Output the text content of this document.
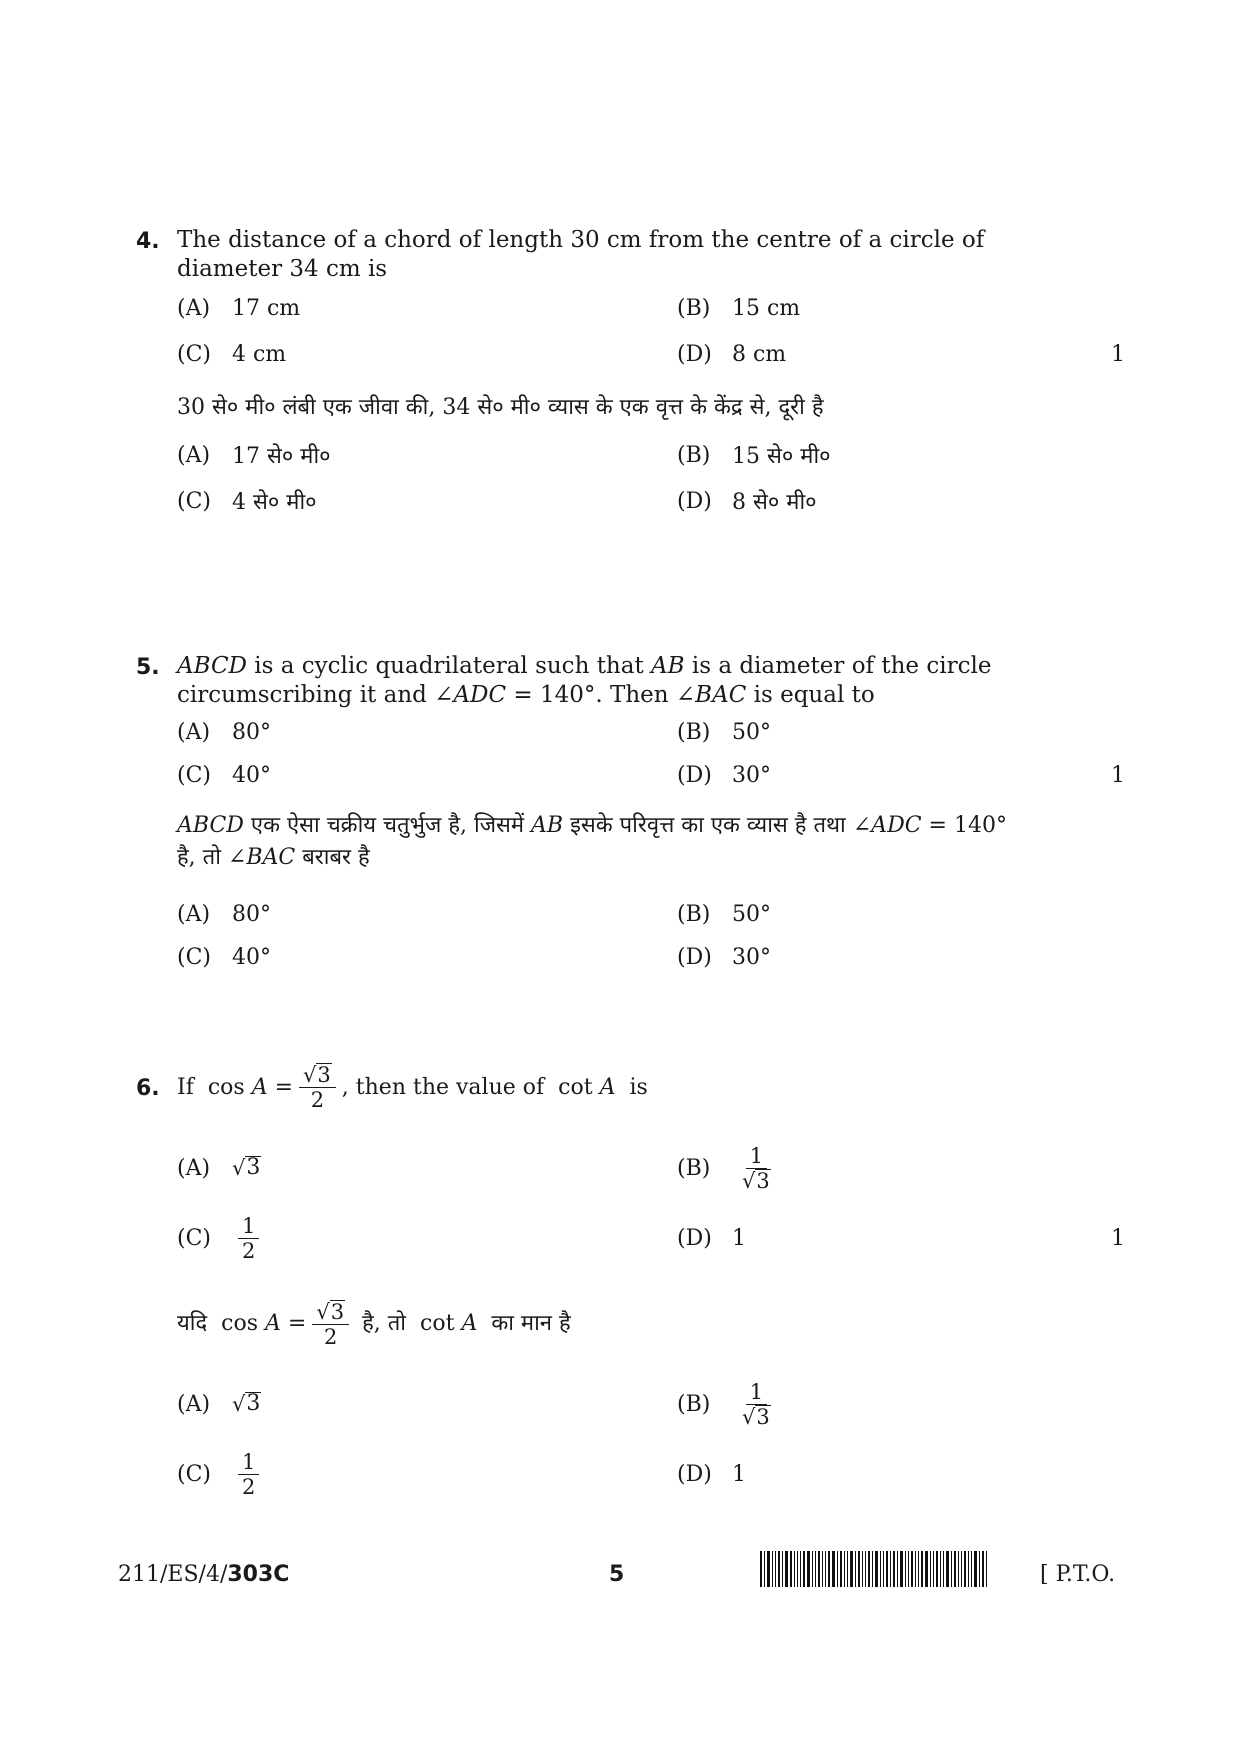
4. The distance of a chord of length 30 cm from the centre of a circle of
diameter 34 cm is
(A) 17 cm	(B) 15 cm
(C) 4 cm	(D) 8 cm	1
30 से० मी० लंबी एक जीवा की, 34 से० मी० व्यास के एक वृत्त के केंद्र से, दूरी है
(A) 17 से० मी०	(B) 15 से० मी०
(C) 4 से० मी०	(D) 8 से० मी०
5. ABCD is a cyclic quadrilateral such that AB is a diameter of the circle
circumscribing it and ∠ADC = 140°. Then ∠BAC is equal to
(A) 80°	(B) 50°
(C) 40°	(D) 30°	1
ABCD एक ऐसा चक्रीय चतुर्भुज है, जिसमें AB इसके परिवृत्त का एक व्यास है तथा ∠ADC = 140°
है, तो ∠BAC बराबर है
(A) 80°	(B) 50°
(C) 40°	(D) 30°
6. If
cos
A
= $\frac{√ 3}{2}$ , then the value of
cot
A
is
(A)	√ 3	(B)	$\frac{1}{√ 3}$
(C)	$\frac{1}{2}$	(D) 1	1
यदि
cos
A
= $\frac{√ 3}{2}$
है, तो
cot
A
का मान है
(A)	√ 3	(B)	$\frac{1}{√ 3}$
(C)	$\frac{1}{2}$	(D) 1
211/ES/4/303C	5	[ P.T.O.
